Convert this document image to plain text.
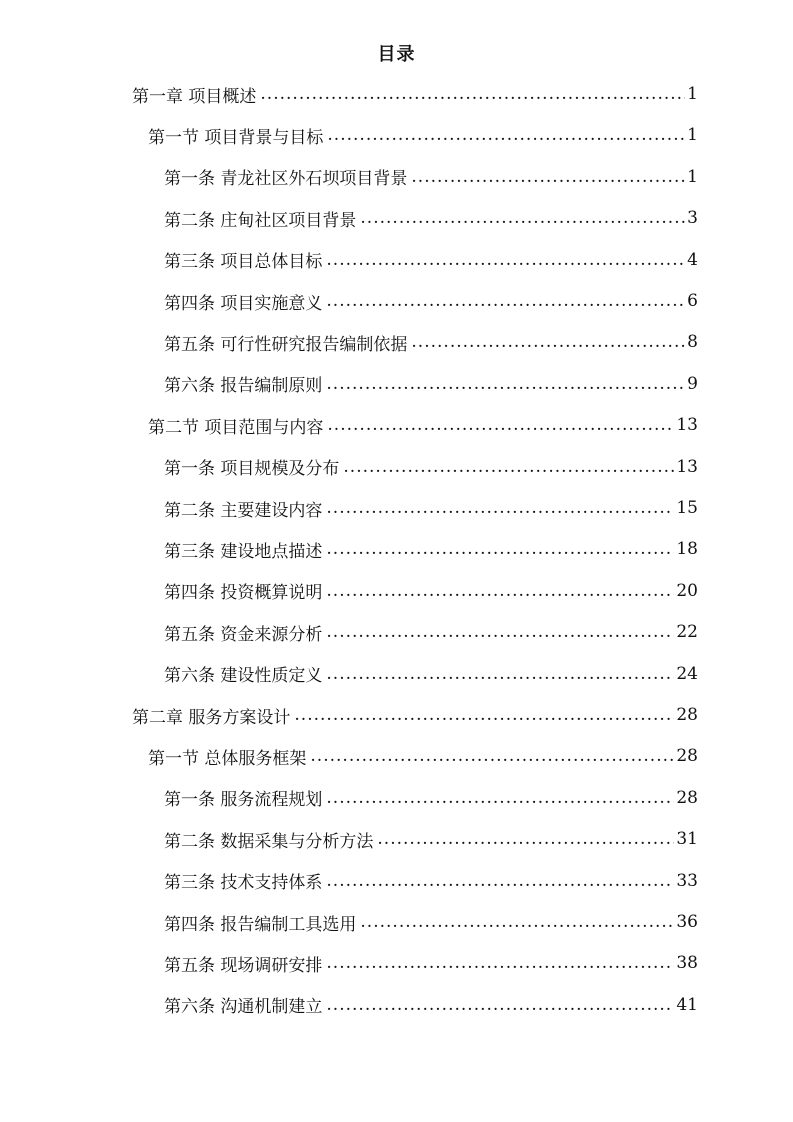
目录
第一章 项目概述 .....	1
第一节 项目背景与目标 .....	1
第一条 青龙社区外石坝项目背景 .....	1
第二条 庄甸社区项目背景 .....	3
第三条 项目总体目标 .....	4
第四条 项目实施意义 .....	6
第五条 可行性研究报告编制依据 .....	8
第六条 报告编制原则 .....	9
第二节 项目范围与内容 .....	13
第一条 项目规模及分布 .....	13
第二条 主要建设内容 .....	15
第三条 建设地点描述 .....	18
第四条 投资概算说明 .....	20
第五条 资金来源分析 .....	22
第六条 建设性质定义 .....	24
第二章 服务方案设计 .....	28
第一节 总体服务框架 .....	28
第一条 服务流程规划 .....	28
第二条 数据采集与分析方法 .....	31
第三条 技术支持体系 .....	33
第四条 报告编制工具选用 .....	36
第五条 现场调研安排 .....	38
第六条 沟通机制建立 .....	41
